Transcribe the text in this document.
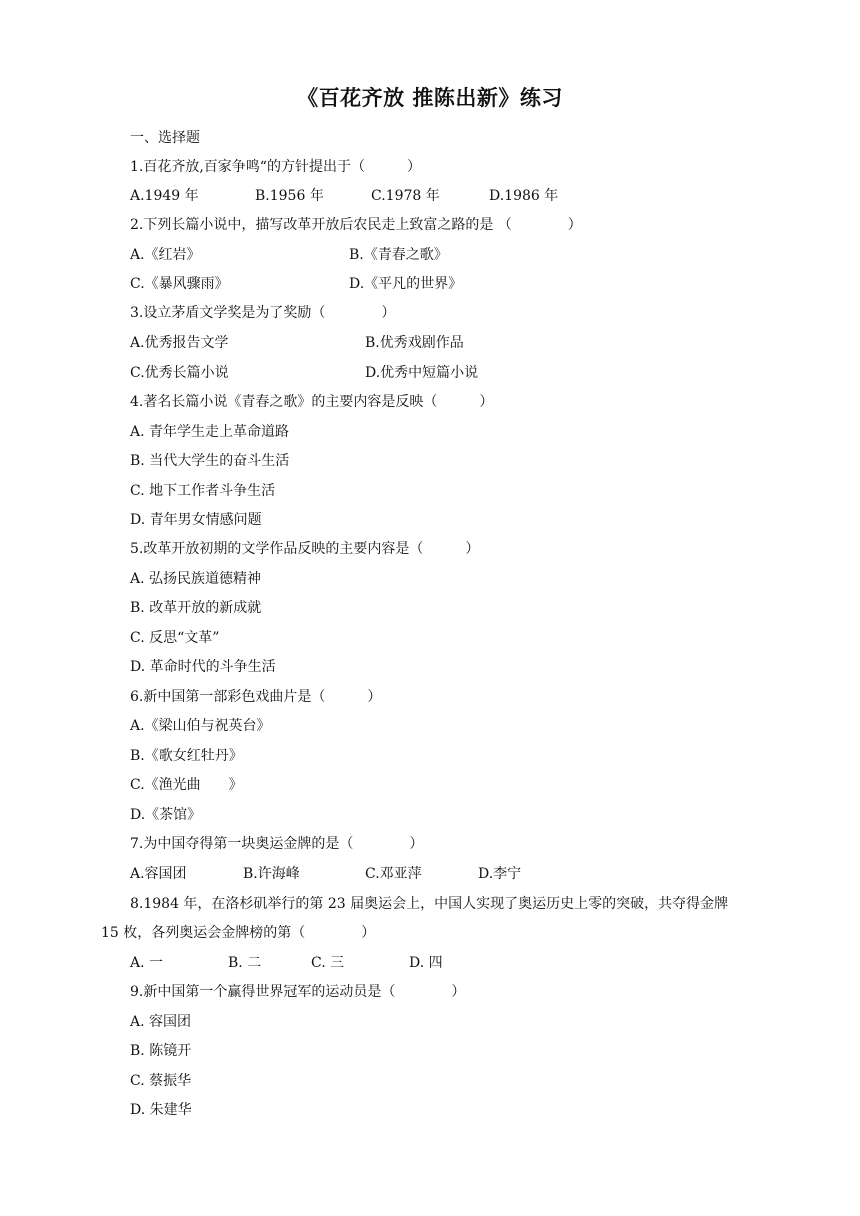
《百花齐放 推陈出新》练习
一、选择题
1.百花齐放,百家争鸣“的方针提出于（　　　）
A.1949 年	B.1956 年	C.1978 年	D.1986 年
2.下列长篇小说中，描写改革开放后农民走上致富之路的是 （　　　　）
A.《红岩》	B.《青春之歌》
C.《暴风骤雨》	D.《平凡的世界》
3.设立茅盾文学奖是为了奖励（　　　　）
A.优秀报告文学	B.优秀戏剧作品
C.优秀长篇小说	D.优秀中短篇小说
4.著名长篇小说《青春之歌》的主要内容是反映（　　　）
A. 青年学生走上革命道路
B. 当代大学生的奋斗生活
C. 地下工作者斗争生活
D. 青年男女情感问题
5.改革开放初期的文学作品反映的主要内容是（　　　）
A. 弘扬民族道德精神
B. 改革开放的新成就
C. 反思“文革”
D. 革命时代的斗争生活
6.新中国第一部彩色戏曲片是（　　　）
A.《梁山伯与祝英台》
B.《歌女红牡丹》
C.《渔光曲　　》
D.《茶馆》
7.为中国夺得第一块奥运金牌的是（　　　　）
A.容国团	B.许海峰	C.邓亚萍	D.李宁
8.1984 年，在洛杉矶举行的第 23 届奥运会上，中国人实现了奥运历史上零的突破，共夺得金牌
15 枚，各列奥运会金牌榜的第（　　　　）
A. 一	B. 二	C. 三	D. 四
9.新中国第一个赢得世界冠军的运动员是（　　　　）
A. 容国团
B. 陈镜开
C. 蔡振华
D. 朱建华
